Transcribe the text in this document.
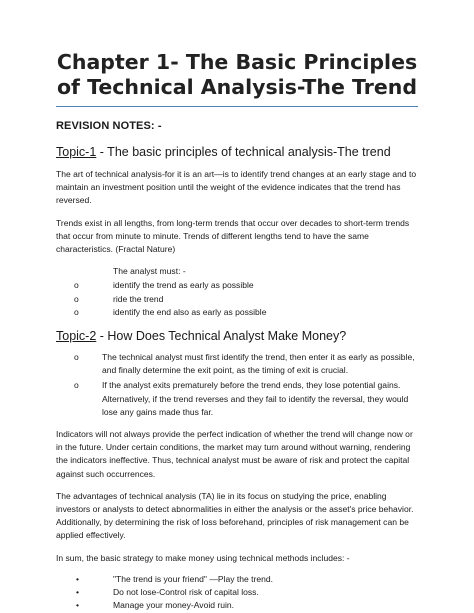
Chapter 1- The Basic Principles of Technical Analysis-The Trend
REVISION NOTES: -
Topic-1 - The basic principles of technical analysis-The trend
The art of technical analysis-for it is an art—is to identify trend changes at an early stage and to maintain an investment position until the weight of the evidence indicates that the trend has reversed.
Trends exist in all lengths, from long-term trends that occur over decades to short-term trends that occur from minute to minute. Trends of different lengths tend to have the same characteristics. (Fractal Nature)
The analyst must: -
o	identify the trend as early as possible
o	ride the trend
o	identify the end also as early as possible
Topic-2 - How Does Technical Analyst Make Money?
o	The technical analyst must first identify the trend, then enter it as early as possible, and finally determine the exit point, as the timing of exit is crucial.
o	If the analyst exits prematurely before the trend ends, they lose potential gains. Alternatively, if the trend reverses and they fail to identify the reversal, they would lose any gains made thus far.
Indicators will not always provide the perfect indication of whether the trend will change now or in the future. Under certain conditions, the market may turn around without warning, rendering the indicators ineffective. Thus, technical analyst must be aware of risk and protect the capital against such occurrences.
The advantages of technical analysis (TA) lie in its focus on studying the price, enabling investors or analysts to detect abnormalities in either the analysis or the asset's price behavior. Additionally, by determining the risk of loss beforehand, principles of risk management can be applied effectively.
In sum, the basic strategy to make money using technical methods includes: -
•	"The trend is your friend" —Play the trend.
•	Do not lose-Control risk of capital loss.
•	Manage your money-Avoid ruin.
